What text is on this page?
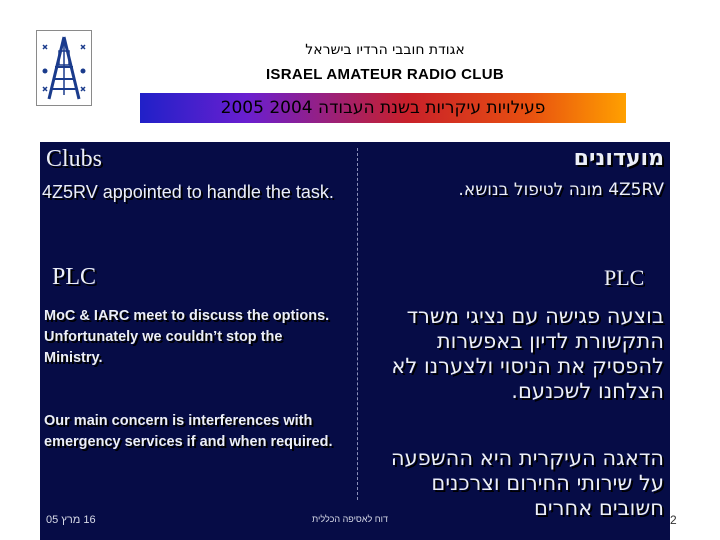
אגודת חובבי הרדיו בישראל
ISRAEL AMATEUR RADIO CLUB
פעילויות עיקריות בשנת העבודה 2004 2005
Clubs
4Z5RV appointed to handle the task.
PLC
MoC & IARC meet to discuss the options. Unfortunately we couldn’t stop the Ministry.
Our main concern is interferences with emergency services if and when required.
מועדונים
4Z5RV מונה לטיפול בנושא.
PLC
בוצעה פגישה עם נציגי משרד התקשורת לדיון באפשרות להפסיק את הניסוי ולצערנו לא הצלחנו לשכנעם.
הדאגה העיקרית היא ההשפעה על שירותי החירום וצרכנים חשובים אחרים
16 מרץ 05	דוח לאסיפה הכללית	2
